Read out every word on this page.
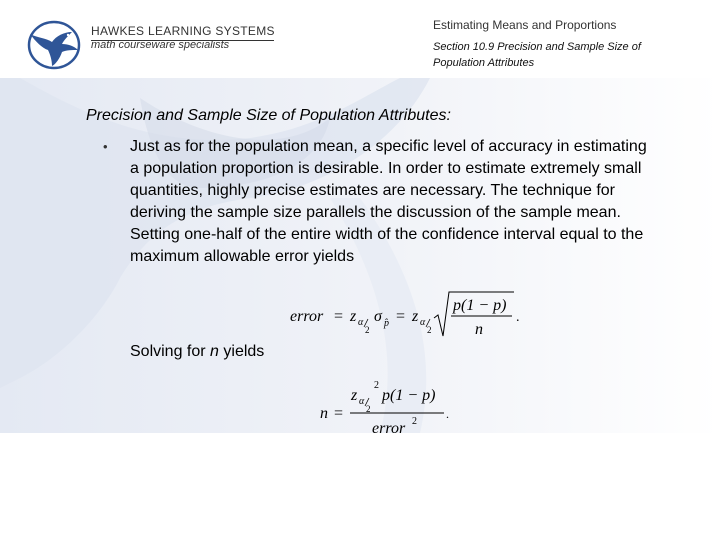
HAWKES LEARNING SYSTEMS
math courseware specialists
Estimating Means and Proportions
Section 10.9 Precision and Sample Size of Population Attributes
Precision and Sample Size of Population Attributes:
• Just as for the population mean, a specific level of accuracy in estimating a population proportion is desirable. In order to estimate extremely small quantities, highly precise estimates are necessary. The technique for deriving the sample size parallels the discussion of the sample mean. Setting one-half of the entire width of the confidence interval equal to the maximum allowable error yields
error = z α
2
σ p̂ = z α
2
p(1 − p)
n
.
Solving for n yields
n =
z α
2
2
p(1 − p)
error 2
.
